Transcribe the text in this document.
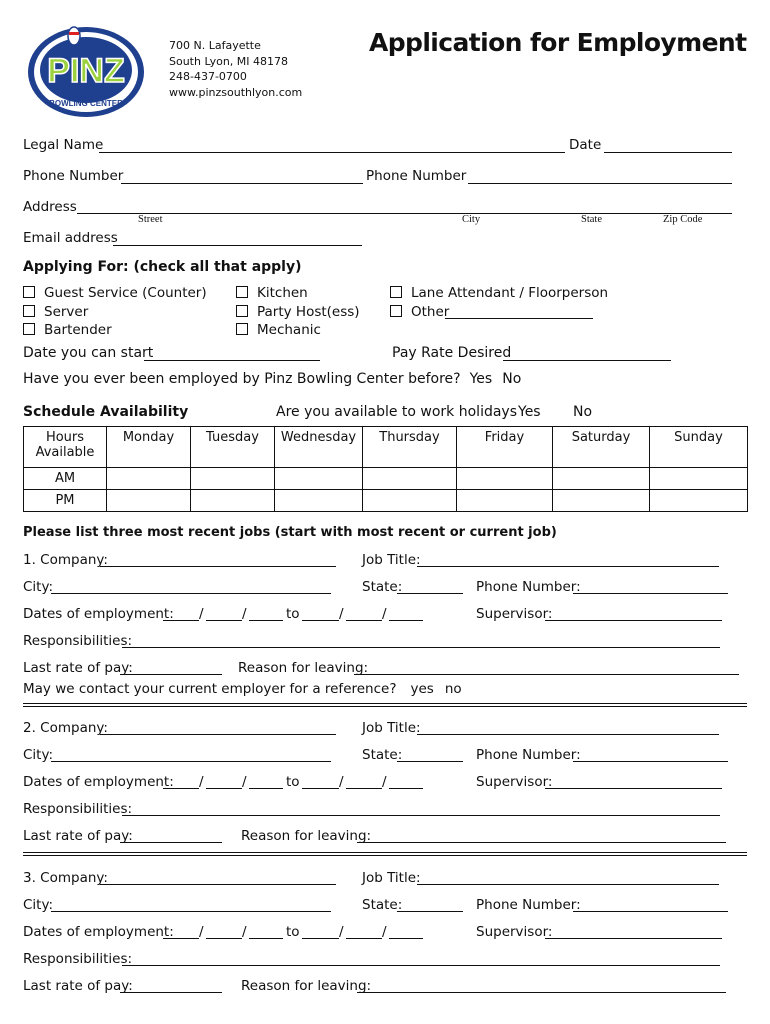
PINZ
BOWLING CENTER
700 N. Lafayette
South Lyon, MI 48178
248-437-0700
www.pinzsouthlyon.com
Application for Employment
Legal Name	Date
Phone Number	Phone Number
Address
Street	City	State	Zip Code
Email address
Applying For: (check all that apply)
Guest Service (Counter)
Server
Bartender
Kitchen
Party Host(ess)
Mechanic
Lane Attendant / Floorperson
Other
Date you can start	Pay Rate Desired
Have you ever been employed by Pinz Bowling Center before? Yes No
Schedule Availability	Are you available to work holidays Yes No
Hours Available	Monday	Tuesday	Wednesday	Thursday	Friday	Saturday	Sunday
AM							
PM							
Please list three most recent jobs (start with most recent or current job)
1. Company:	Job Title:
City:	State:	Phone Number:
Dates of employment: /	/	to	/	/	Supervisor:
Responsibilities:
Last rate of pay:	Reason for leaving:
May we contact your current employer for a reference? yes no
2. Company:	Job Title:
City:	State:	Phone Number:
Dates of employment: /	/	to	/	/	Supervisor:
Responsibilities:
Last rate of pay:	Reason for leaving:
3. Company:	Job Title:
City:	State:	Phone Number:
Dates of employment: /	/	to	/	/	Supervisor:
Responsibilities:
Last rate of pay:	Reason for leaving:
